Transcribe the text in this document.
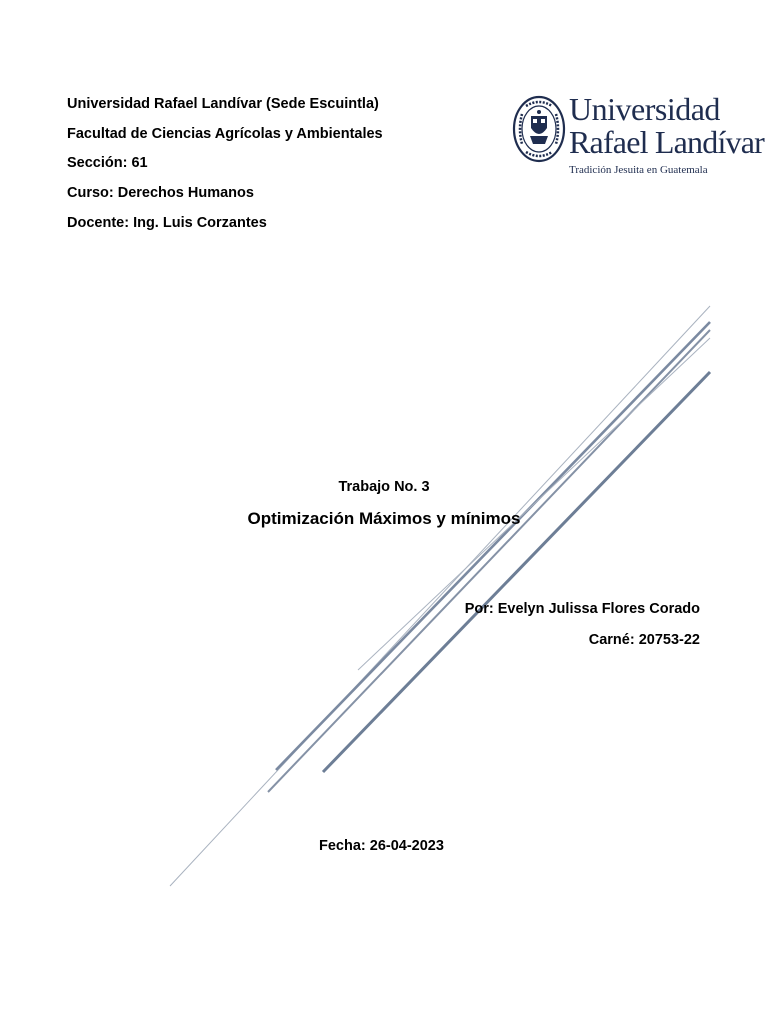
Universidad Rafael Landívar (Sede Escuintla)
Facultad de Ciencias Agrícolas y Ambientales
Sección: 61
Curso: Derechos Humanos
Docente: Ing. Luis Corzantes
Universidad
Rafael Landívar
Tradición Jesuita en Guatemala
Trabajo No. 3
Optimización Máximos y mínimos
Por: Evelyn Julissa Flores Corado
Carné: 20753-22
Fecha: 26-04-2023
